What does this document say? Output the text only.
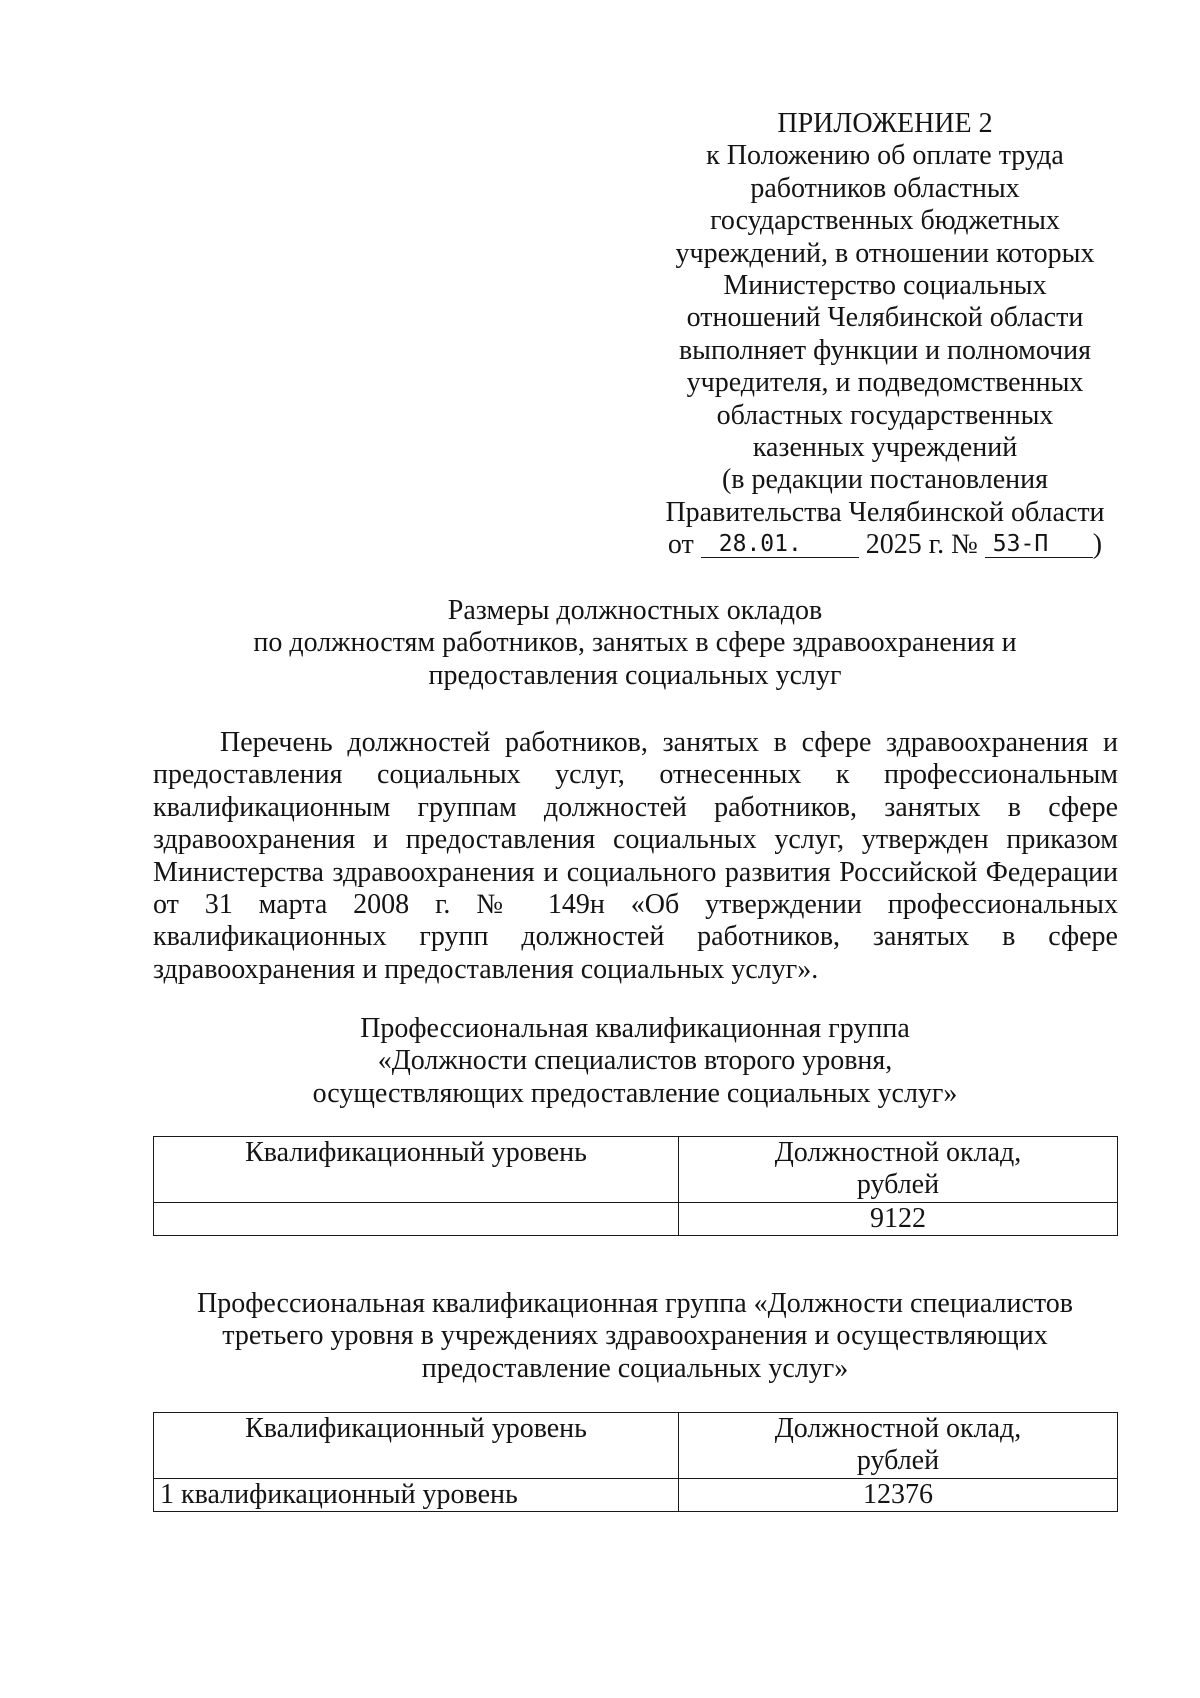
ПРИЛОЖЕНИЕ 2
к Положению об оплате труда
работников областных
государственных бюджетных
учреждений, в отношении которых
Министерство социальных
отношений Челябинской области
выполняет функции и полномочия
учредителя, и подведомственных
областных государственных
казенных учреждений
(в редакции постановления
Правительства Челябинской области
от 28.01. 2025 г. № 53-П )
Размеры должностных окладов
по должностям работников, занятых в сфере здравоохранения и
предоставления социальных услуг
Перечень должностей работников, занятых в сфере здравоохранения и предоставления социальных услуг, отнесенных к профессиональным квалификационным группам должностей работников, занятых в сфере здравоохранения и предоставления социальных услуг, утвержден приказом Министерства здравоохранения и социального развития Российской Федерации от 31 марта 2008 г. № 149н «Об утверждении профессиональных квалификационных групп должностей работников, занятых в сфере здравоохранения и предоставления социальных услуг».
Профессиональная квалификационная группа
«Должности специалистов второго уровня,
осуществляющих предоставление социальных услуг»
Квалификационный уровень	Должностной оклад,
рублей

	9122
Профессиональная квалификационная группа «Должности специалистов
третьего уровня в учреждениях здравоохранения и осуществляющих
предоставление социальных услуг»
Квалификационный уровень	Должностной оклад,
рублей

1 квалификационный уровень	12376
